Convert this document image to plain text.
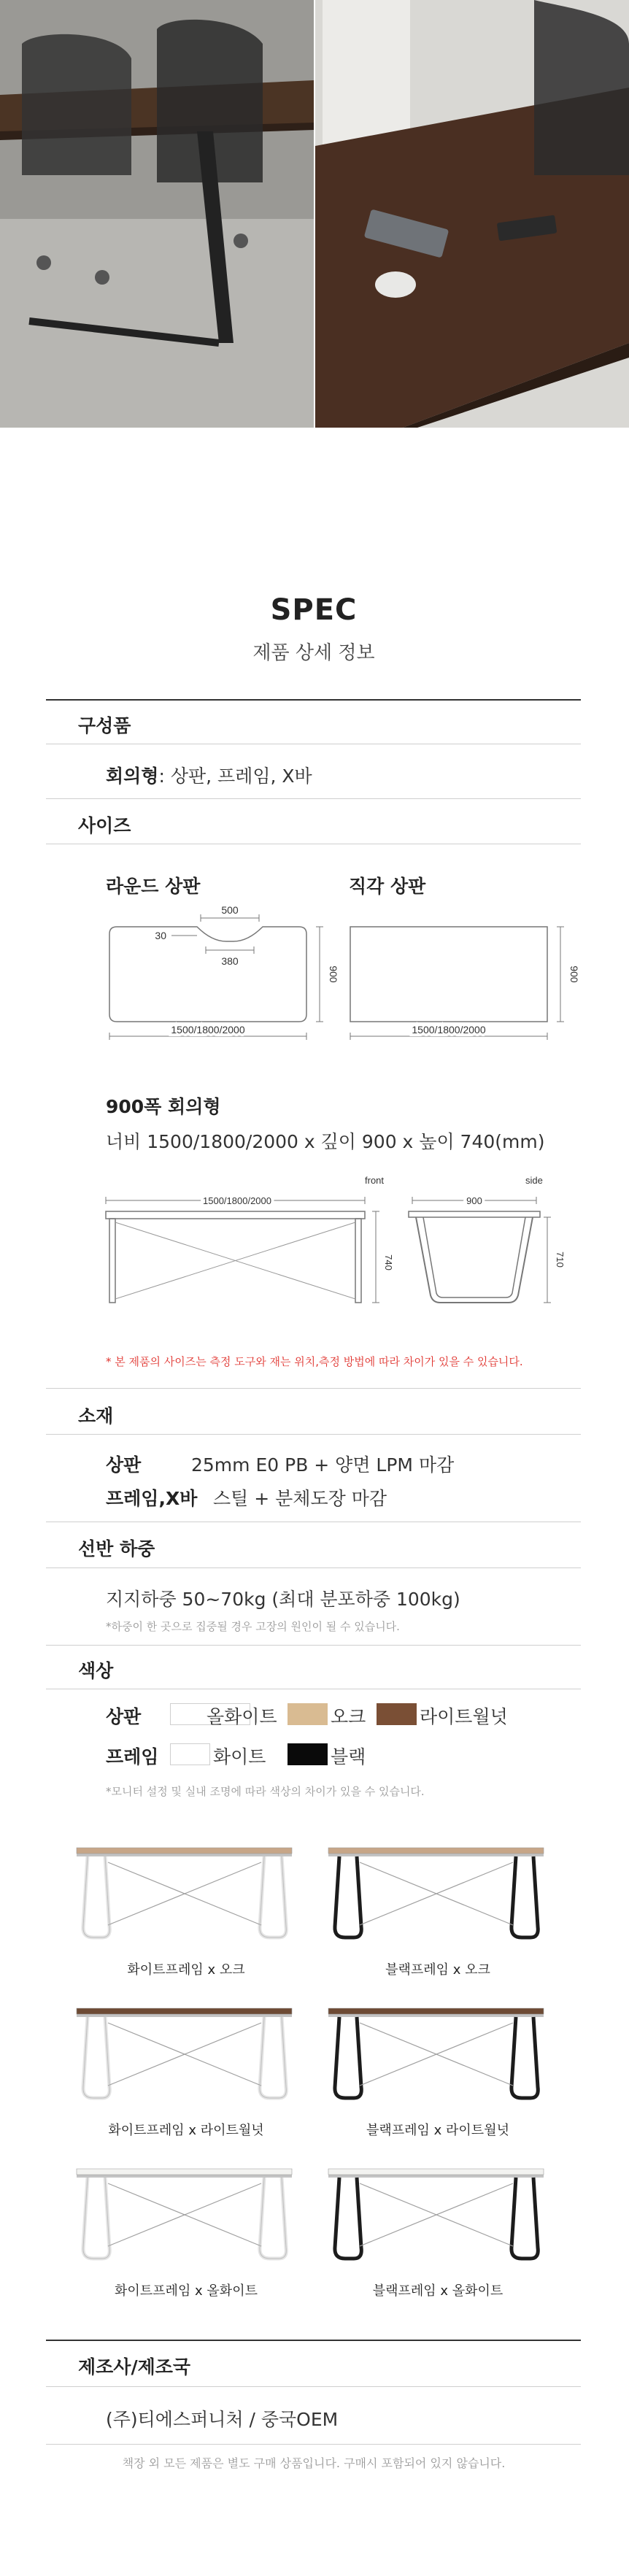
SPEC
제품 상세 정보
구성품
회의형: 상판, 프레임, X바
사이즈
라운드 상판	직각 상판
500
30
380
900
1500/1800/2000
900
1500/1800/2000
900폭 회의형
너비 1500/1800/2000 x 깊이 900 x 높이 740(mm)
front
1500/1800/2000
740
side
900
710
* 본 제품의 사이즈는 측정 도구와 재는 위치,측정 방법에 따라 차이가 있을 수 있습니다.
소재
상판	25mm E0 PB + 양면 LPM 마감
프레임,X바 스틸 + 분체도장 마감
선반 하중
지지하중 50~70kg (최대 분포하중 100kg)
*하중이 한 곳으로 집중될 경우 고장의 원인이 될 수 있습니다.
색상
상판	올화이트	오크	라이트월넛
프레임	화이트	블랙
*모니터 설정 및 실내 조명에 따라 색상의 차이가 있을 수 있습니다.
화이트프레임 x 오크	블랙프레임 x 오크
화이트프레임 x 라이트월넛	블랙프레임 x 라이트월넛
화이트프레임 x 올화이트	블랙프레임 x 올화이트
제조사/제조국
(주)티에스퍼니처 / 중국OEM
책장 외 모든 제품은 별도 구매 상품입니다. 구매시 포함되어 있지 않습니다.
